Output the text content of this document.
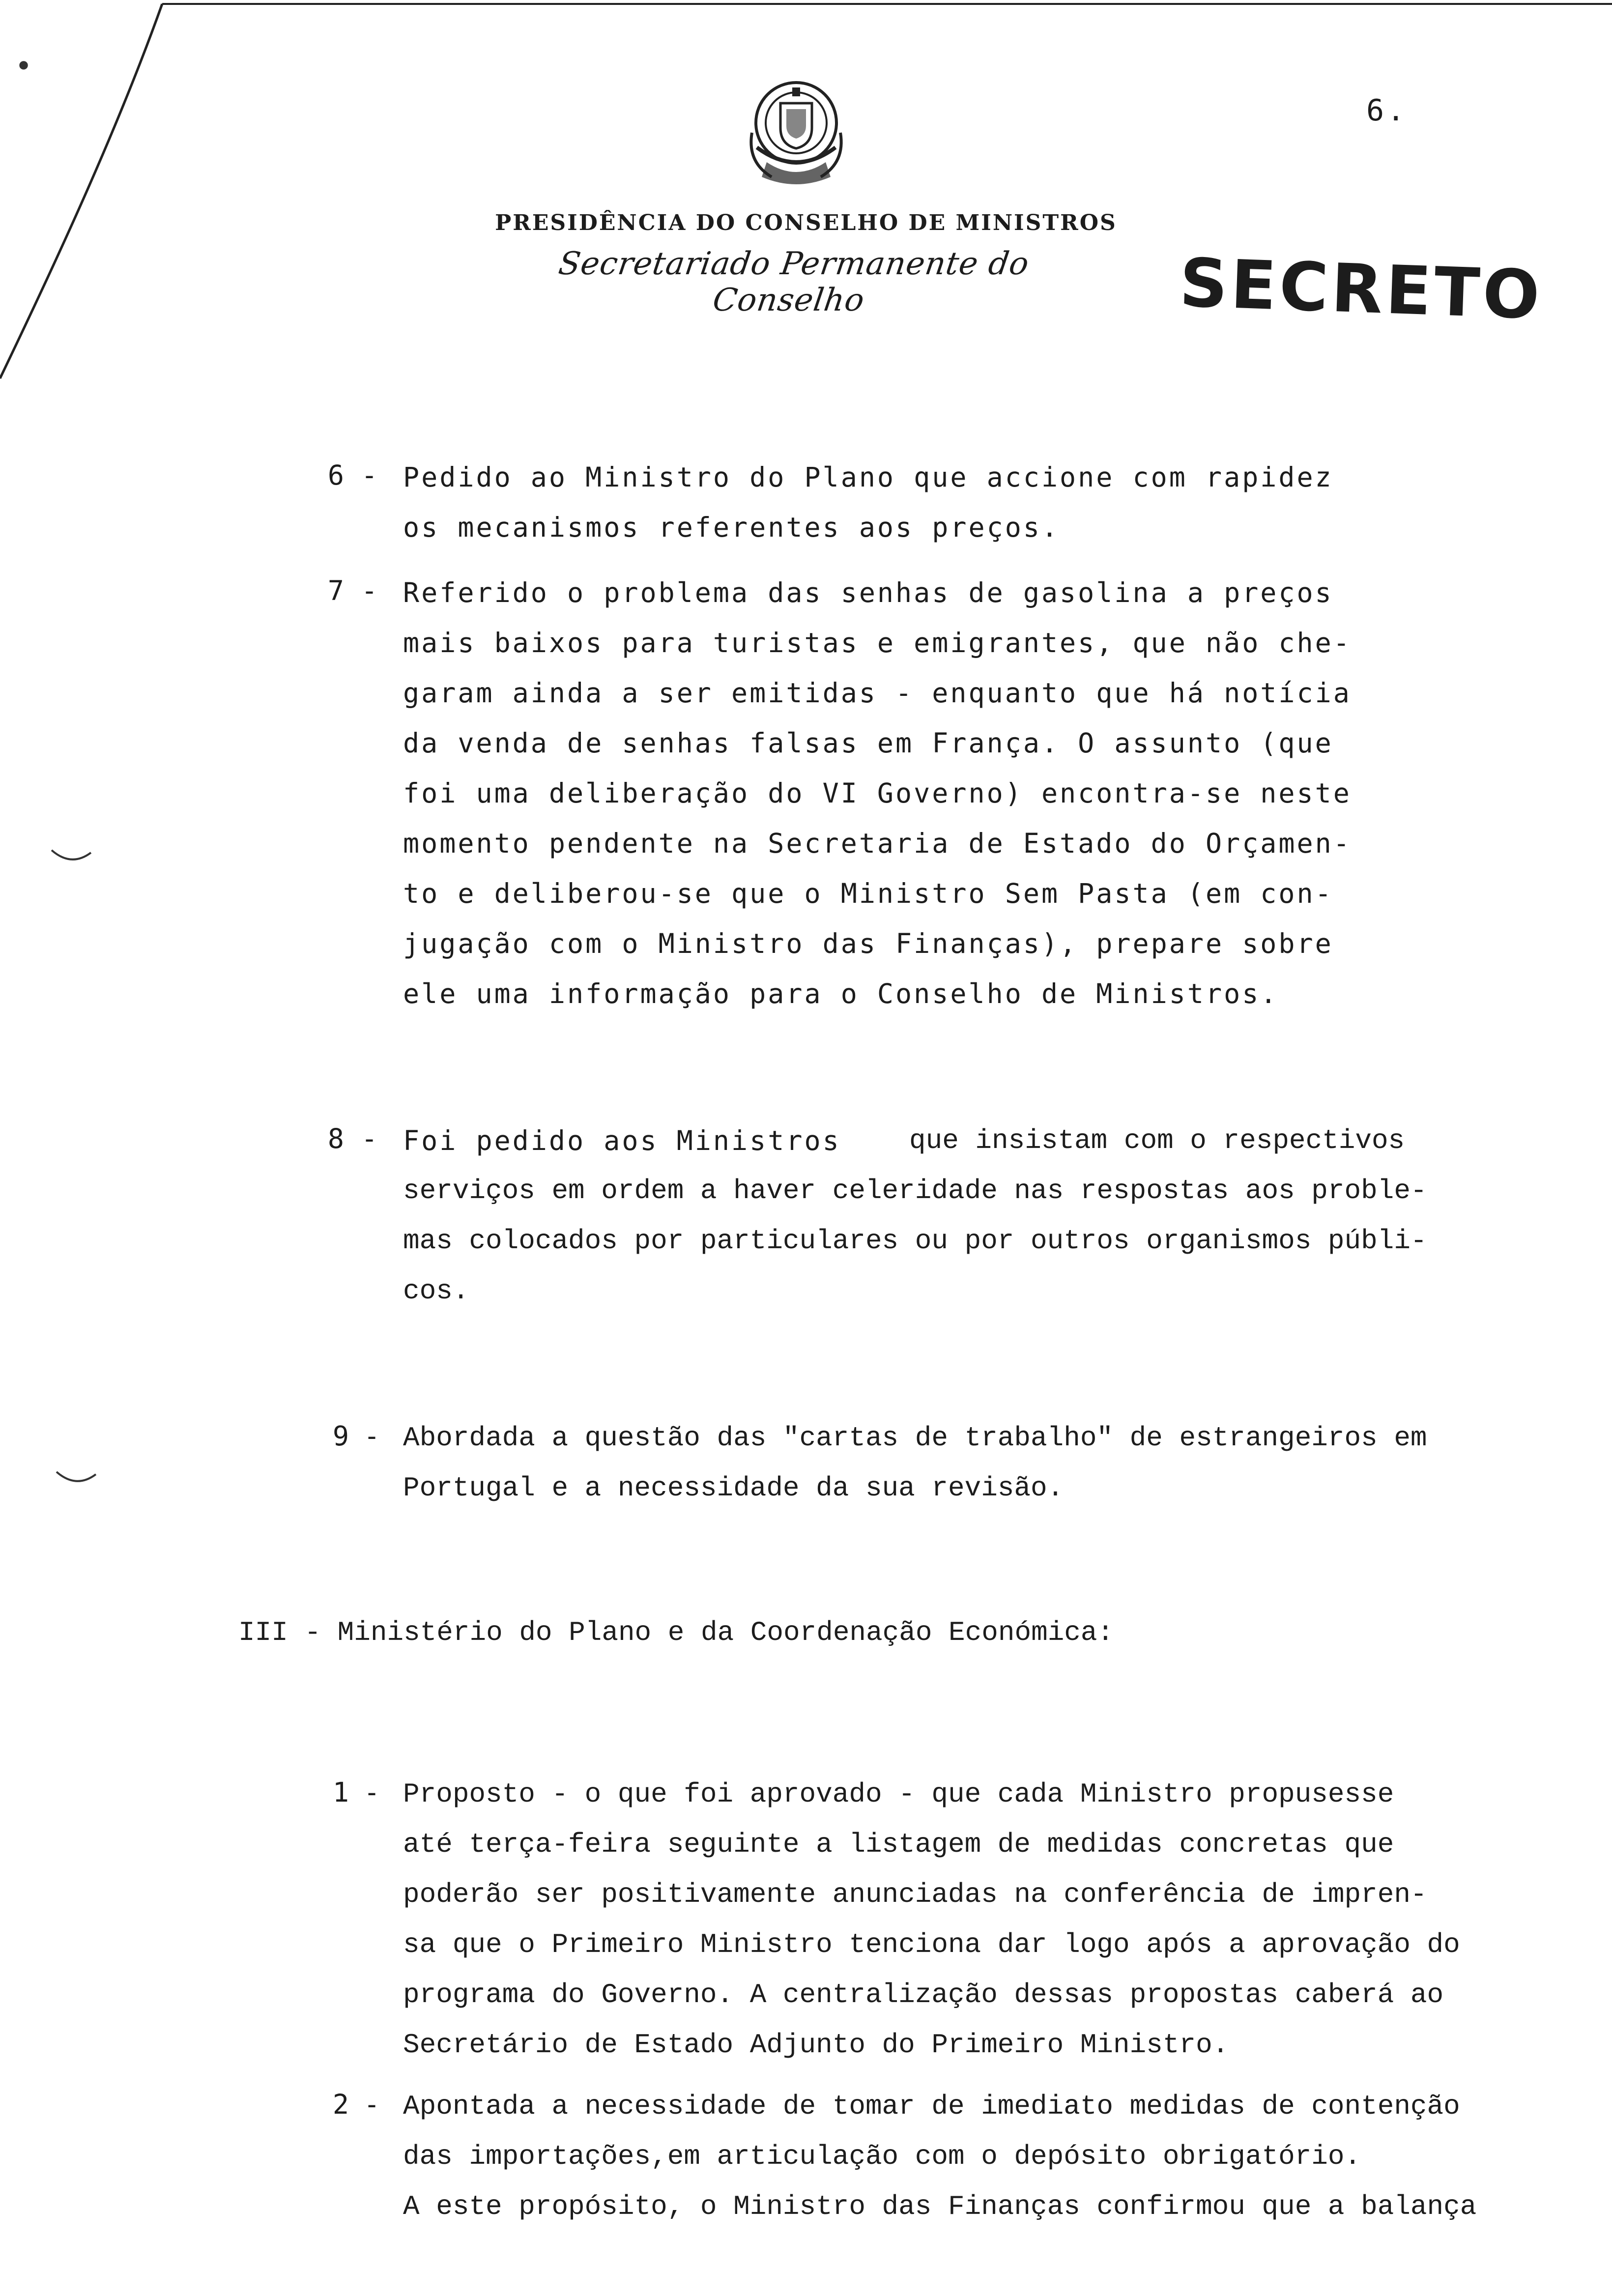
•
6.
PRESIDÊNCIA DO CONSELHO DE MINISTROS
Secretariado Permanente do Conselho	SECRETO
6 - Pedido ao Ministro do Plano que accione com rapidez
os mecanismos referentes aos preços.
7 - Referido o problema das senhas de gasolina a preços
mais baixos para turistas e emigrantes, que não che-
garam ainda a ser emitidas - enquanto que há notícia
da venda de senhas falsas em França. O assunto (que
foi uma deliberação do VI Governo) encontra-se neste
momento pendente na Secretaria de Estado do Orçamen-
to e deliberou-se que o Ministro Sem Pasta (em con-
jugação com o Ministro das Finanças), prepare sobre
ele uma informação para o Conselho de Ministros.
8 - Foi pedido aos Ministros	que insistam com o respectivos
serviços em ordem a haver celeridade nas respostas aos proble-
mas colocados por particulares ou por outros organismos públi-
cos.
9 - Abordada a questão das "cartas de trabalho" de estrangeiros em
Portugal e a necessidade da sua revisão.
III - Ministério do Plano e da Coordenação Económica:
1 - Proposto - o que foi aprovado - que cada Ministro propusesse
até terça-feira seguinte a listagem de medidas concretas que
poderão ser positivamente anunciadas na conferência de impren-
sa que o Primeiro Ministro tenciona dar logo após a aprovação do
programa do Governo. A centralização dessas propostas caberá ao
Secretário de Estado Adjunto do Primeiro Ministro.
2 - Apontada a necessidade de tomar de imediato medidas de contenção
das importações,em articulação com o depósito obrigatório.
A este propósito, o Ministro das Finanças confirmou que a balança
